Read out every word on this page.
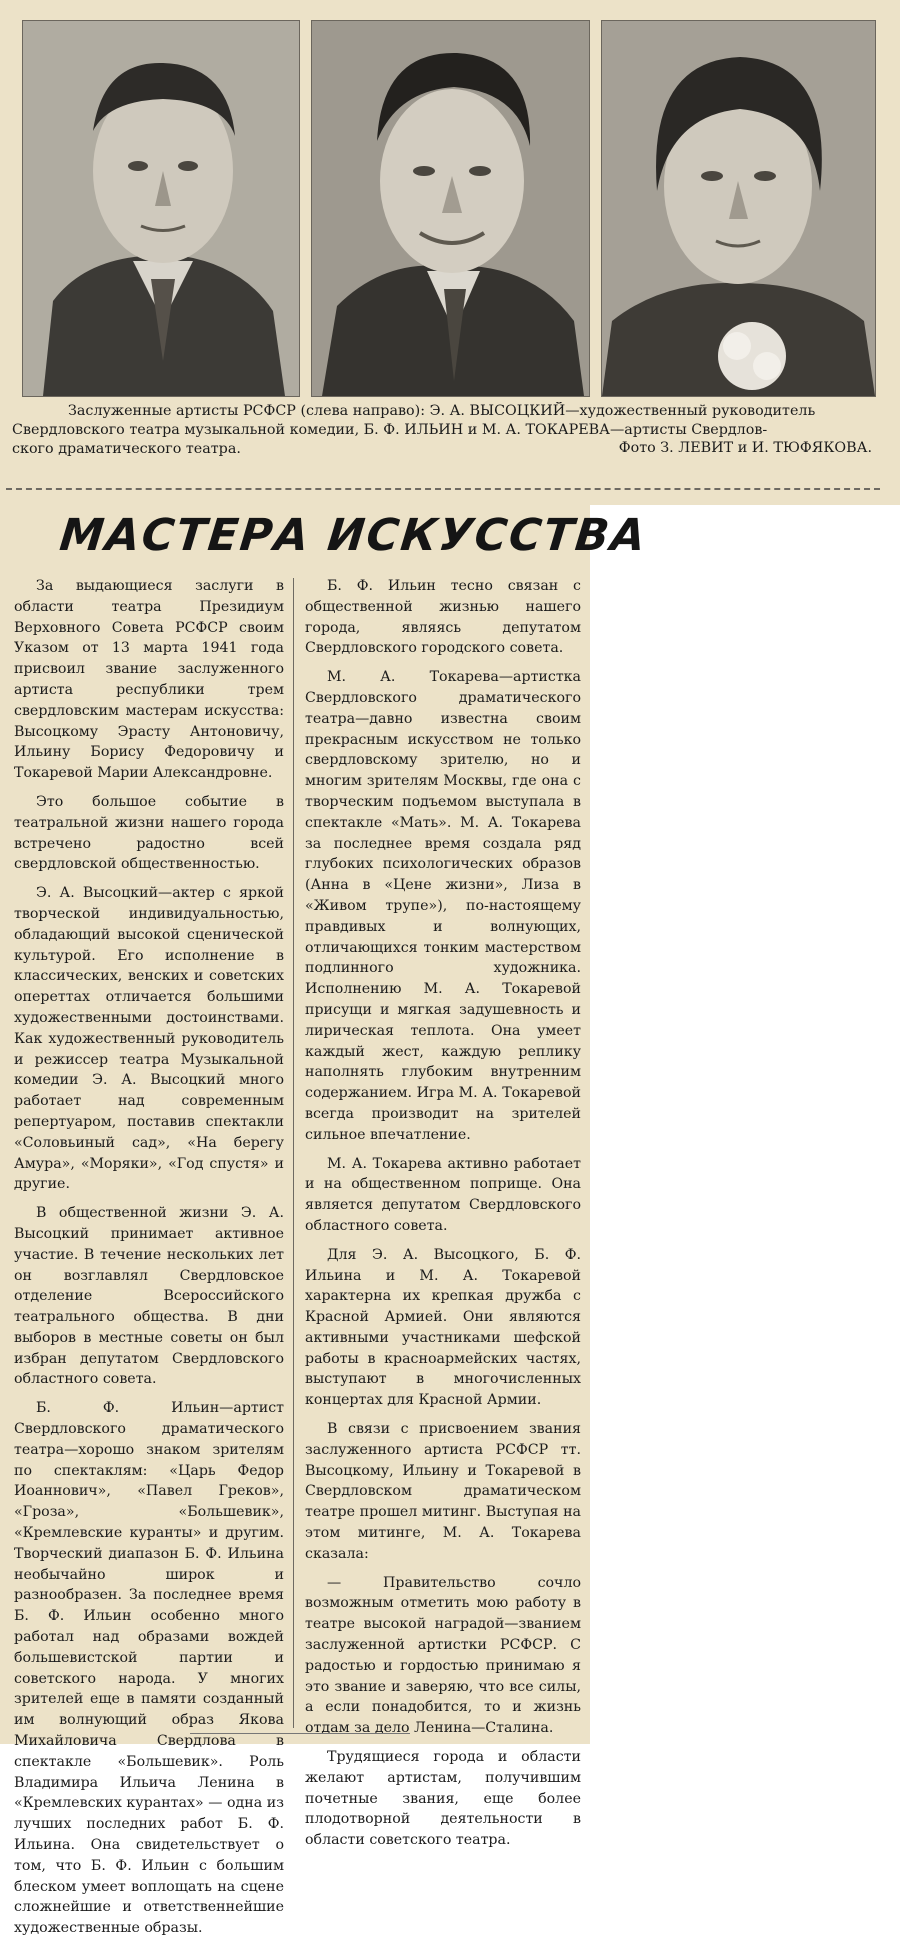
Заслуженные артисты РСФСР (слева направо): Э. А. ВЫСОЦКИЙ—художественный руководитель
Свердловского театра музыкальной комедии, Б. Ф. ИЛЬИН и М. А. ТОКАРЕВА—артисты Свердлов-
ского драматического театра.	Фото З. ЛЕВИТ и И. ТЮФЯКОВА.
МАСТЕРА ИСКУССТВА

За выдающиеся заслуги в области театра Президиум Верховного Совета РСФСР своим Указом от 13 марта 1941 года присвоил звание заслуженного артиста республики трем свердловским мастерам искусства: Высоцкому Эрасту Антоновичу, Ильину Борису Федоровичу и Токаревой Марии Александровне.

Это большое событие в театральной жизни нашего города встречено радостно всей свердловской общественностью.

Э. А. Высоцкий—актер с яркой творческой индивидуальностью, обладающий высокой сценической культурой. Его исполнение в классических, венских и советских опереттах отличается большими художественными достоинствами. Как художественный руководитель и режиссер театра Музыкальной комедии Э. А. Высоцкий много работает над современным репертуаром, поставив спектакли «Соловьиный сад», «На берегу Амура», «Моряки», «Год спустя» и другие.

В общественной жизни Э. А. Высоцкий принимает активное участие. В течение нескольких лет он возглавлял Свердловское отделение Всероссийского театрального общества. В дни выборов в местные советы он был избран депутатом Свердловского областного совета.

Б. Ф. Ильин—артист Свердловского драматического театра—хорошо знаком зрителям по спектаклям: «Царь Федор Иоаннович», «Павел Греков», «Гроза», «Большевик», «Кремлевские куранты» и другим. Творческий диапазон Б. Ф. Ильина необычайно широк и разнообразен. За последнее время Б. Ф. Ильин особенно много работал над образами вождей большевистской партии и советского народа. У многих зрителей еще в памяти созданный им волнующий образ Якова Михайловича Свердлова в спектакле «Большевик». Роль Владимира Ильича Ленина в «Кремлевских курантах» — одна из лучших последних работ Б. Ф. Ильина. Она свидетельствует о том, что Б. Ф. Ильин с большим блеском умеет воплощать на сцене сложнейшие и ответственнейшие художественные образы.

Б. Ф. Ильин тесно связан с общественной жизнью нашего города, являясь депутатом Свердловского городского совета.

М. А. Токарева—артистка Свердловского драматического театра—давно известна своим прекрасным искусством не только свердловскому зрителю, но и многим зрителям Москвы, где она с творческим подъемом выступала в спектакле «Мать». М. А. Токарева за последнее время создала ряд глубоких психологических образов (Анна в «Цене жизни», Лиза в «Живом трупе»), по-настоящему правдивых и волнующих, отличающихся тонким мастерством подлинного художника. Исполнению М. А. Токаревой присущи и мягкая задушевность и лирическая теплота. Она умеет каждый жест, каждую реплику наполнять глубоким внутренним содержанием. Игра М. А. Токаревой всегда производит на зрителей сильное впечатление.

М. А. Токарева активно работает и на общественном поприще. Она является депутатом Свердловского областного совета.

Для Э. А. Высоцкого, Б. Ф. Ильина и М. А. Токаревой характерна их крепкая дружба с Красной Армией. Они являются активными участниками шефской работы в красноармейских частях, выступают в многочисленных концертах для Красной Армии.

В связи с присвоением звания заслуженного артиста РСФСР тт. Высоцкому, Ильину и Токаревой в Свердловском драматическом театре прошел митинг. Выступая на этом митинге, М. А. Токарева сказала:

— Правительство сочло возможным отметить мою работу в театре высокой наградой—званием заслуженной артистки РСФСР. С радостью и гордостью принимаю я это звание и заверяю, что все силы, а если понадобится, то и жизнь отдам за дело Ленина—Сталина.

Трудящиеся города и области желают артистам, получившим почетные звания, еще более плодотворной деятельности в области советского театра.
